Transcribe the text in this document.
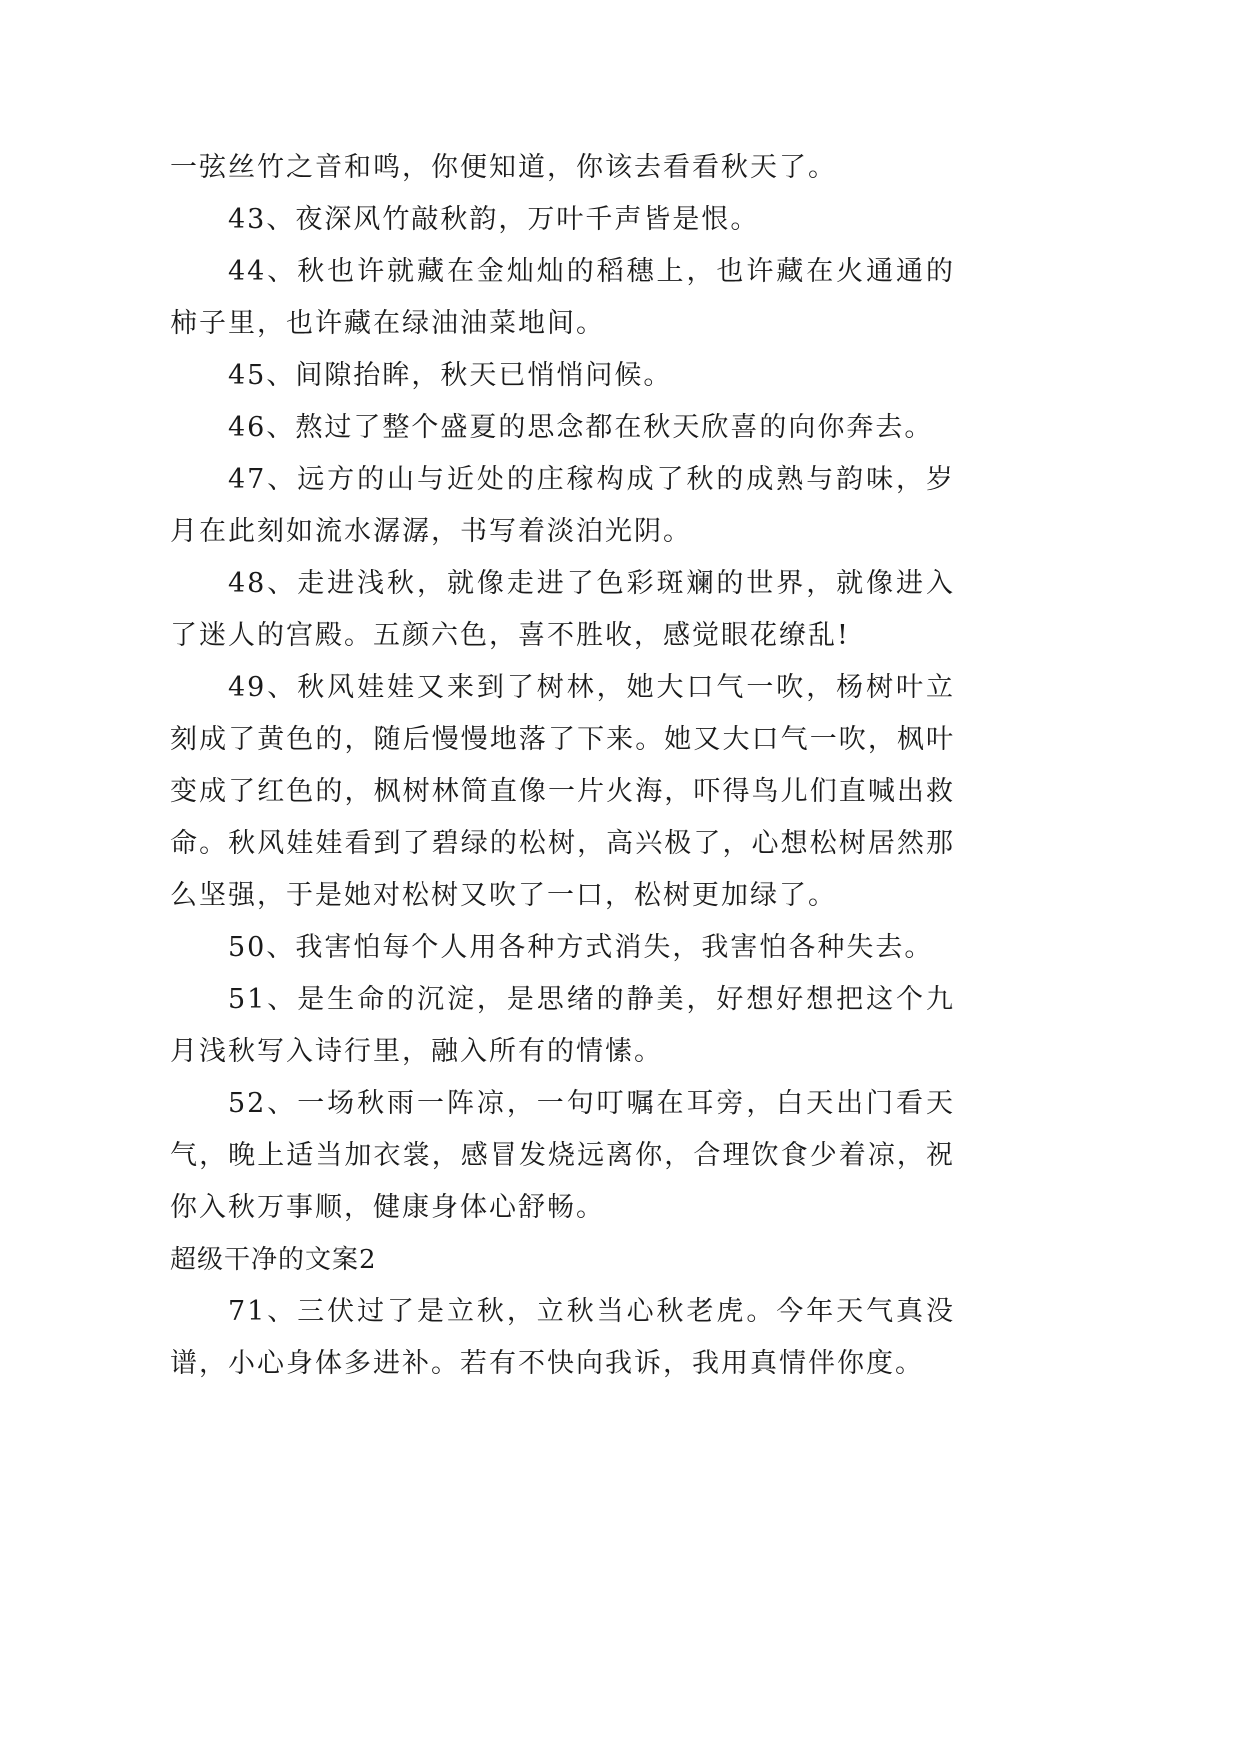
一弦丝竹之音和鸣，你便知道，你该去看看秋天了。

43、夜深风竹敲秋韵，万叶千声皆是恨。

44、秋也许就藏在金灿灿的稻穗上，也许藏在火通通的柿子里，也许藏在绿油油菜地间。

45、间隙抬眸，秋天已悄悄问候。

46、熬过了整个盛夏的思念都在秋天欣喜的向你奔去。

47、远方的山与近处的庄稼构成了秋的成熟与韵味，岁月在此刻如流水潺潺，书写着淡泊光阴。

48、走进浅秋，就像走进了色彩斑斓的世界，就像进入了迷人的宫殿。五颜六色，喜不胜收，感觉眼花缭乱!

49、秋风娃娃又来到了树林，她大口气一吹，杨树叶立刻成了黄色的，随后慢慢地落了下来。她又大口气一吹，枫叶变成了红色的，枫树林简直像一片火海，吓得鸟儿们直喊出救命。秋风娃娃看到了碧绿的松树，高兴极了，心想松树居然那么坚强，于是她对松树又吹了一口，松树更加绿了。

50、我害怕每个人用各种方式消失，我害怕各种失去。

51、是生命的沉淀，是思绪的静美，好想好想把这个九月浅秋写入诗行里，融入所有的情愫。

52、一场秋雨一阵凉，一句叮嘱在耳旁，白天出门看天气，晚上适当加衣裳，感冒发烧远离你，合理饮食少着凉，祝你入秋万事顺，健康身体心舒畅。

超级干净的文案2

71、三伏过了是立秋，立秋当心秋老虎。今年天气真没谱，小心身体多进补。若有不快向我诉，我用真情伴你度。
